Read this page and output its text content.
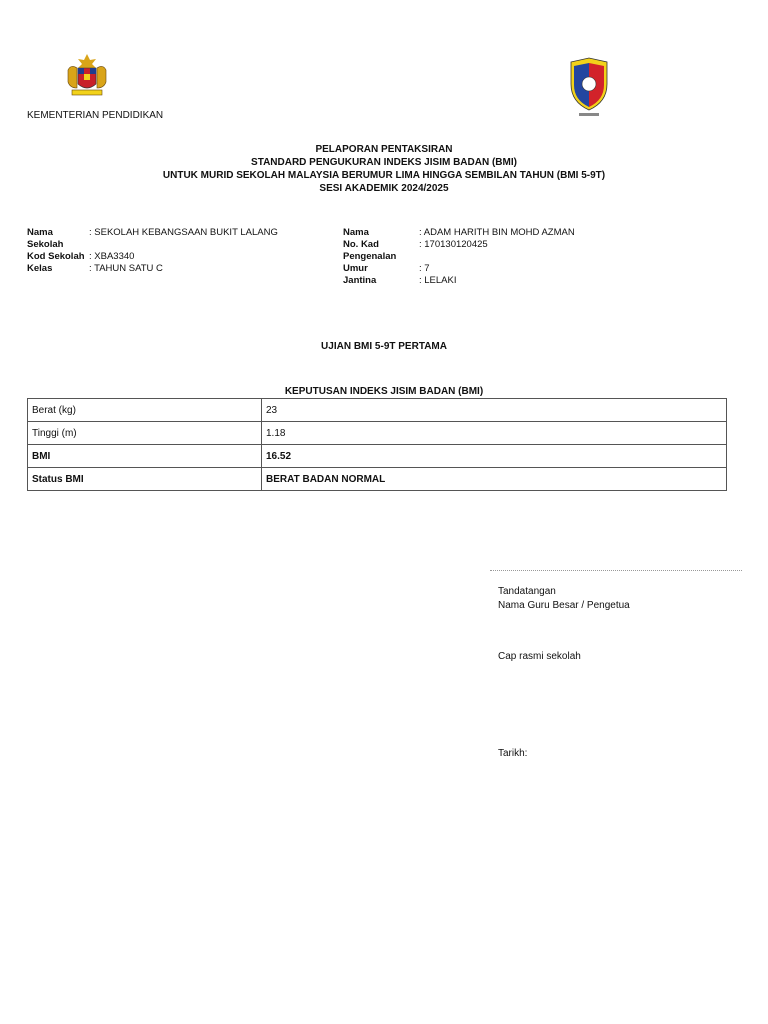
KEMENTERIAN PENDIDIKAN
PELAPORAN PENTAKSIRAN
STANDARD PENGUKURAN INDEKS JISIM BADAN (BMI)
UNTUK MURID SEKOLAH MALAYSIA BERUMUR LIMA HINGGA SEMBILAN TAHUN (BMI 5-9T)
SESI AKADEMIK 2024/2025
Nama Sekolah
: SEKOLAH KEBANGSAAN BUKIT LALANG
Kod Sekolah : XBA3340
Kelas	: TAHUN SATU C
Nama	: ADAM HARITH BIN MOHD AZMAN
No. Kad Pengenalan
: 170130120425
Umur	: 7
Jantina	: LELAKI
UJIAN BMI 5-9T PERTAMA
KEPUTUSAN INDEKS JISIM BADAN (BMI)
Berat (kg)	23
Tinggi (m)	1.18
BMI	16.52
Status BMI	BERAT BADAN NORMAL
Tandatangan
Nama Guru Besar / Pengetua
Cap rasmi sekolah
Tarikh:
